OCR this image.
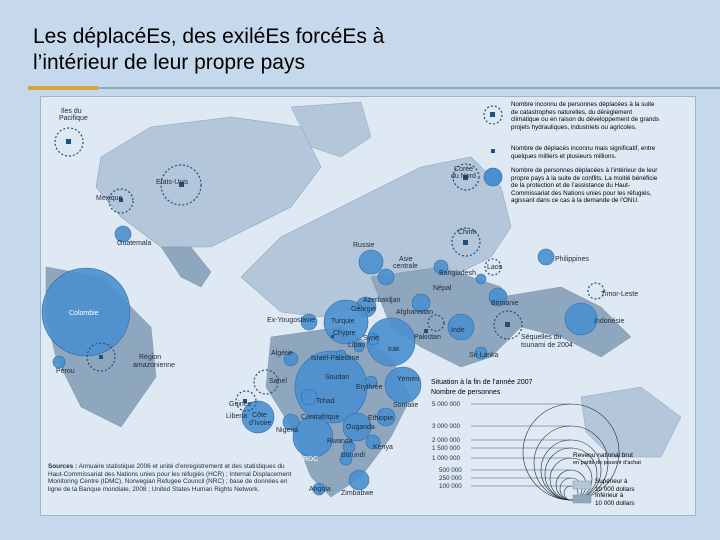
Les déplacéEs, des exiléEs forcéEs à
l’intérieur de leur propre pays
Iles du
Pacifique
Etats-Unis
Mexique
Guatemala
Colombie
Pérou
Région
amazonienne
Corée
du Nord
Chine
Russie
Asie
centrale
Bangladesh
Laos
Philippines
Népal
Birmanie
Timor-Leste
Azerbaïdjan
Géorgie	Afghanistan
Ex-Yougoslavie Turquie	Indonésie
Chypre
Syrie
Liban
Pakistan
Inde
Irak
Séquelles du
tsunami de 2004
Algérie
Israël-Palestine	Sri Lanka
Soudan
Sahel
Erythrée
Yémen
Guinée	Somalie
Tchad
Côte
d’Ivoire
Liberia	Ethiopie
Centrafrique
Ouganda
Nigeria
Rwanda
Kenya
Burundi
RDC
Angola
Zimbabwe
5 000 000
3 000 000
2 000 000
1 500 000
1 000 000
500 000
250 000
100 000
Nombre inconnu de personnes déplacées à la suite de catastrophes naturelles, du dérèglement climatique ou en raison du développement de grands projets hydrauliques, industriels ou agricoles.
Nombre de déplacés inconnu mais significatif, entre quelques milliers et plusieurs millions.
Nombre de personnes déplacées à l’intérieur de leur propre pays à la suite de conflits. La moitié bénéficie de la protection et de l’assistance du Haut-Commissariat des Nations unies pour les réfugiés, agissant dans ce cas à la demande de l’ONU.
Situation à la fin de l’année 2007
Nombre de personnes
Revenu national brut
en parité de pouvoir d’achat
Supérieur à
10 000 dollars
Inférieur à
10 000 dollars
Sources : Annuaire statistique 2006 et unité d’enregistrement et des statistiques du Haut-Commissariat des Nations unies pour les réfugiés (HCR) ; Internal Displacement Monitoring Centre (IDMC), Norwegian Refugee Council (NRC) ; base de données en ligne de la Banque mondiale, 2008 ; United States Human Rights Network.
